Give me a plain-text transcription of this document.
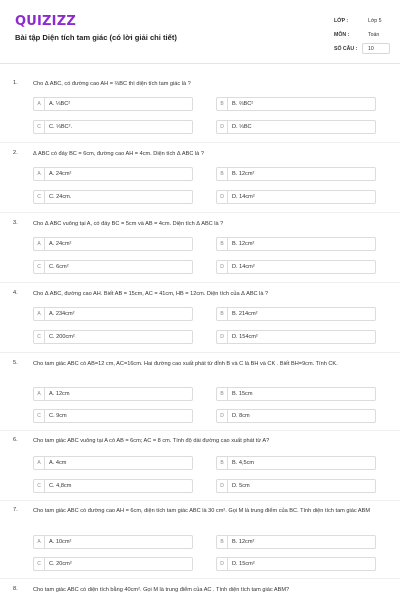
QUIZIZZ
Bài tập Diện tích tam giác (có lời giải chi tiết)
LỚP :	Lớp 5
MÔN :	Toán
SỐ CÂU : 10
1.	Cho Δ ABC, có đường cao AH = ⅔BC thì diện tích tam giác là ?
A	A. ⅓BC²	B	B. ⅔BC²
C	C. ⅓BC².	D	D. ⅓BC
2.	Δ ABC có đáy BC = 6cm, đường cao AH = 4cm. Diện tích Δ ABC là ?
A	A. 24cm²	B	B. 12cm²
C	C. 24cm.	D	D. 14cm²
3.	Cho Δ ABC vuông tại A, có đáy BC = 5cm và AB = 4cm. Diện tích Δ ABC là ?
A	A. 24cm²	B	B. 12cm²
C	C. 6cm²	D	D. 14cm²
4.	Cho Δ ABC, đường cao AH. Biết AB = 15cm, AC = 41cm, HB = 12cm. Diện tích của Δ ABC là ?
A	A. 234cm²	B	B. 214cm²
C	C. 200cm²	D	D. 154cm²
5.	Cho tam giác ABC có AB=12 cm, AC=16cm. Hai đường cao xuất phát từ đỉnh B và C là BH và CK . Biết BH=9cm. Tính CK.
A	A. 12cm	B	B. 15cm
C	C. 9cm	D	D. 8cm
6.	Cho tam giác ABC vuông tại A có AB = 6cm; AC = 8 cm. Tính độ dài đường cao xuất phát từ A?
A	A. 4cm	B	B. 4,5cm
C	C. 4,8cm	D	D. 5cm
7.	Cho tam giác ABC có đường cao AH = 6cm, diện tích tam giác ABC là 30 cm². Gọi M là trung điểm của BC. Tính diện tích tam giác ABM
A	A. 10cm²	B	B. 12cm²
C	C. 20cm²	D	D. 15cm²
8.	Cho tam giác ABC có diện tích bằng 40cm². Gọi M là trung điểm của AC . Tính diện tích tam giác ABM?
